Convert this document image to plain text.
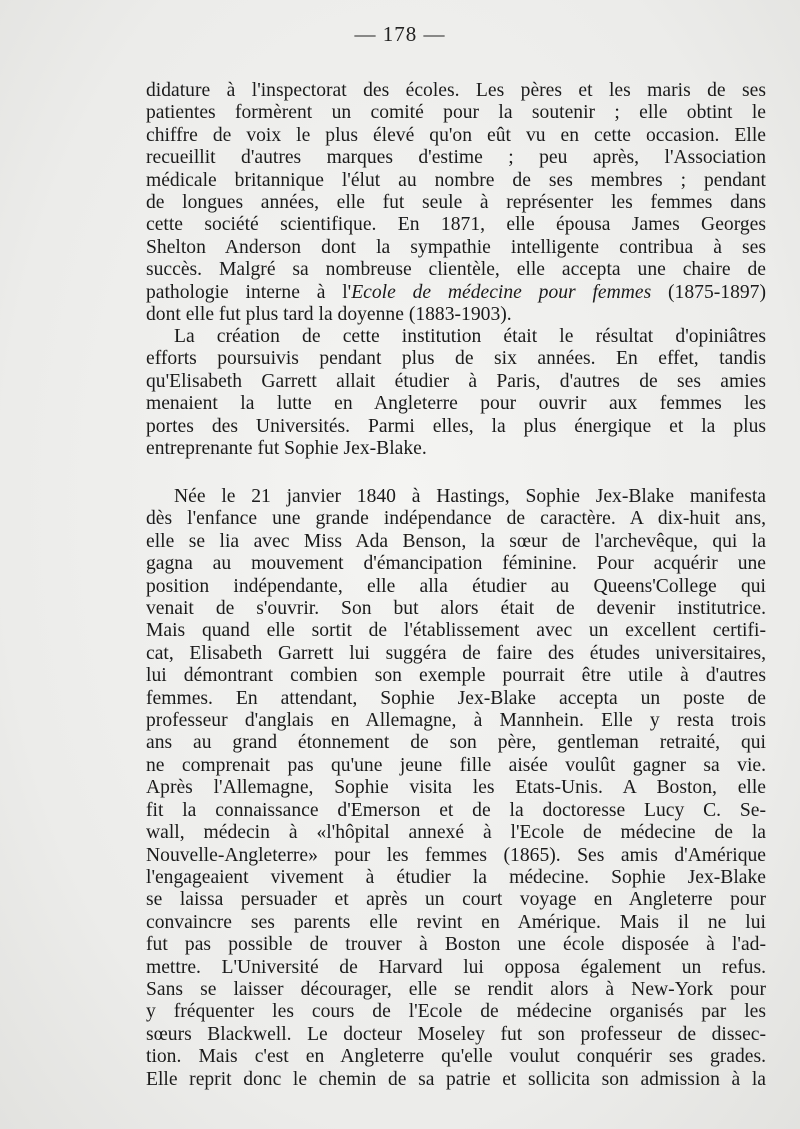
— 178 —
didature à l'inspectorat des écoles. Les pères et les maris de ses
patientes formèrent un comité pour la soutenir ; elle obtint le
chiffre de voix le plus élevé qu'on eût vu en cette occasion. Elle
recueillit d'autres marques d'estime ; peu après, l'Association
médicale britannique l'élut au nombre de ses membres ; pendant
de longues années, elle fut seule à représenter les femmes dans
cette société scientifique. En 1871, elle épousa James Georges
Shelton Anderson dont la sympathie intelligente contribua à ses
succès. Malgré sa nombreuse clientèle, elle accepta une chaire de
pathologie interne à l'Ecole de médecine pour femmes (1875-1897)
dont elle fut plus tard la doyenne (1883-1903).
La création de cette institution était le résultat d'opiniâtres
efforts poursuivis pendant plus de six années. En effet, tandis
qu'Elisabeth Garrett allait étudier à Paris, d'autres de ses amies
menaient la lutte en Angleterre pour ouvrir aux femmes les
portes des Universités. Parmi elles, la plus énergique et la plus
entreprenante fut Sophie Jex-Blake.
Née le 21 janvier 1840 à Hastings, Sophie Jex-Blake manifesta
dès l'enfance une grande indépendance de caractère. A dix-huit ans,
elle se lia avec Miss Ada Benson, la sœur de l'archevêque, qui la
gagna au mouvement d'émancipation féminine. Pour acquérir une
position indépendante, elle alla étudier au Queens'College qui
venait de s'ouvrir. Son but alors était de devenir institutrice.
Mais quand elle sortit de l'établissement avec un excellent certifi-
cat, Elisabeth Garrett lui suggéra de faire des études universitaires,
lui démontrant combien son exemple pourrait être utile à d'autres
femmes. En attendant, Sophie Jex-Blake accepta un poste de
professeur d'anglais en Allemagne, à Mannhein. Elle y resta trois
ans au grand étonnement de son père, gentleman retraité, qui
ne comprenait pas qu'une jeune fille aisée voulût gagner sa vie.
Après l'Allemagne, Sophie visita les Etats-Unis. A Boston, elle
fit la connaissance d'Emerson et de la doctoresse Lucy C. Se-
wall, médecin à «l'hôpital annexé à l'Ecole de médecine de la
Nouvelle-Angleterre» pour les femmes (1865). Ses amis d'Amérique
l'engageaient vivement à étudier la médecine. Sophie Jex-Blake
se laissa persuader et après un court voyage en Angleterre pour
convaincre ses parents elle revint en Amérique. Mais il ne lui
fut pas possible de trouver à Boston une école disposée à l'ad-
mettre. L'Université de Harvard lui opposa également un refus.
Sans se laisser décourager, elle se rendit alors à New-York pour
y fréquenter les cours de l'Ecole de médecine organisés par les
sœurs Blackwell. Le docteur Moseley fut son professeur de dissec-
tion. Mais c'est en Angleterre qu'elle voulut conquérir ses grades.
Elle reprit donc le chemin de sa patrie et sollicita son admission à la
